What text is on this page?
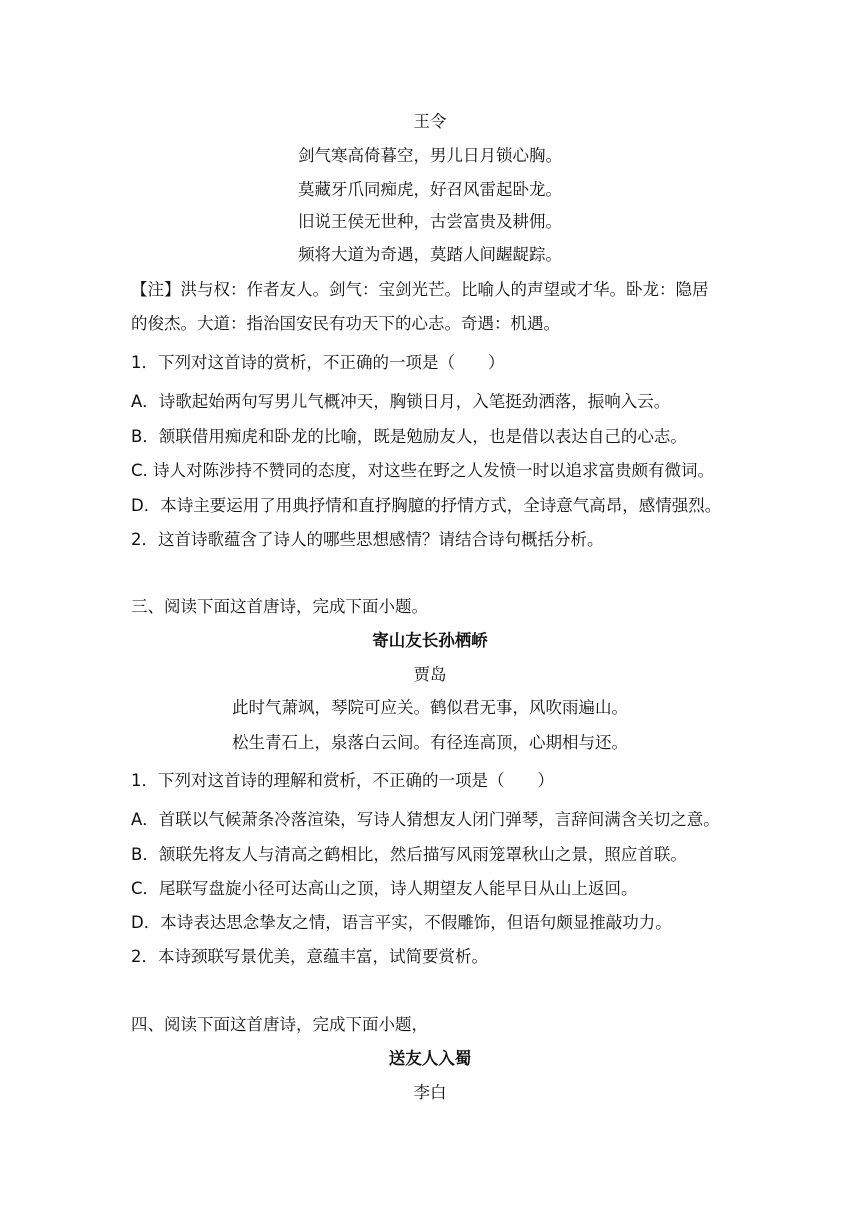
王令
剑气寒高倚暮空，男儿日月锁心胸。
莫藏牙爪同痴虎，好召风雷起卧龙。
旧说王侯无世种，古尝富贵及耕佣。
频将大道为奇遇，莫踏人间龌龊踪。
【注】洪与权：作者友人。剑气：宝剑光芒。比喻人的声望或才华。卧龙：隐居
的俊杰。大道：指治国安民有功天下的心志。奇遇：机遇。
1．下列对这首诗的赏析，不正确的一项是（　　）
A．诗歌起始两句写男儿气概冲天，胸锁日月，入笔挺劲洒落，振响入云。
B．颔联借用痴虎和卧龙的比喻，既是勉励友人，也是借以表达自己的心志。
C. 诗人对陈涉持不赞同的态度，对这些在野之人发愤一时以追求富贵颇有微词。
D．本诗主要运用了用典抒情和直抒胸臆的抒情方式，全诗意气高昂，感情强烈。
2．这首诗歌蕴含了诗人的哪些思想感情？请结合诗句概括分析。
三、阅读下面这首唐诗，完成下面小题。
寄山友长孙栖峤
贾岛
此时气萧飒，琴院可应关。鹤似君无事，风吹雨遍山。
松生青石上，泉落白云间。有径连高顶，心期相与还。
1．下列对这首诗的理解和赏析，不正确的一项是（　　）
A．首联以气候萧条冷落渲染，写诗人猜想友人闭门弹琴，言辞间满含关切之意。
B．颔联先将友人与清高之鹤相比，然后描写风雨笼罩秋山之景，照应首联。
C．尾联写盘旋小径可达高山之顶，诗人期望友人能早日从山上返回。
D．本诗表达思念挚友之情，语言平实，不假雕饰，但语句颇显推敲功力。
2．本诗颈联写景优美，意蕴丰富，试简要赏析。
四、阅读下面这首唐诗，完成下面小题，
送友人入蜀
李白
